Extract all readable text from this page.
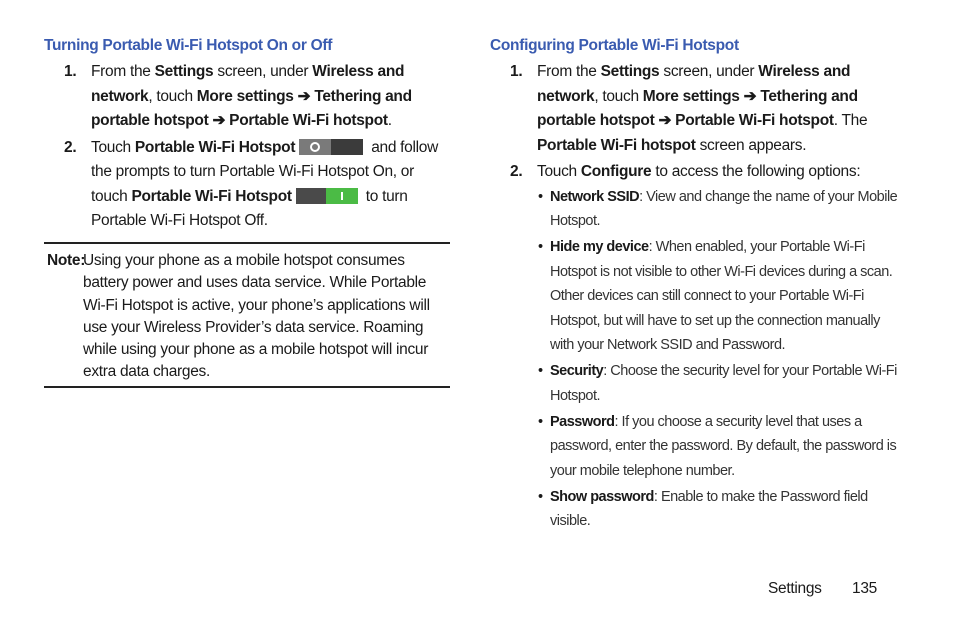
Turning Portable Wi-Fi Hotspot On or Off
1. From the Settings screen, under Wireless and network, touch More settings ➔ Tethering and portable hotspot ➔ Portable Wi-Fi hotspot.
2. Touch Portable Wi-Fi Hotspot	and follow the prompts to turn Portable Wi-Fi Hotspot On, or touch Portable Wi-Fi Hotspot	to turn Portable Wi-Fi Hotspot Off.
Note:
Using your phone as a mobile hotspot consumes battery power and uses data service. While Portable Wi-Fi Hotspot is active, your phone’s applications will use your Wireless Provider’s data service. Roaming while using your phone as a mobile hotspot will incur extra data charges.
Configuring Portable Wi-Fi Hotspot
1. From the Settings screen, under Wireless and network, touch More settings ➔ Tethering and portable hotspot ➔ Portable Wi-Fi hotspot. The Portable Wi-Fi hotspot screen appears.
2. Touch Configure to access the following options:
• Network SSID: View and change the name of your Mobile Hotspot.
• Hide my device: When enabled, your Portable Wi-Fi Hotspot is not visible to other Wi-Fi devices during a scan. Other devices can still connect to your Portable Wi-Fi Hotspot, but will have to set up the connection manually with your Network SSID and Password.
• Security: Choose the security level for your Portable Wi-Fi Hotspot.
• Password: If you choose a security level that uses a password, enter the password. By default, the password is your mobile telephone number.
• Show password: Enable to make the Password field visible.
Settings 135
